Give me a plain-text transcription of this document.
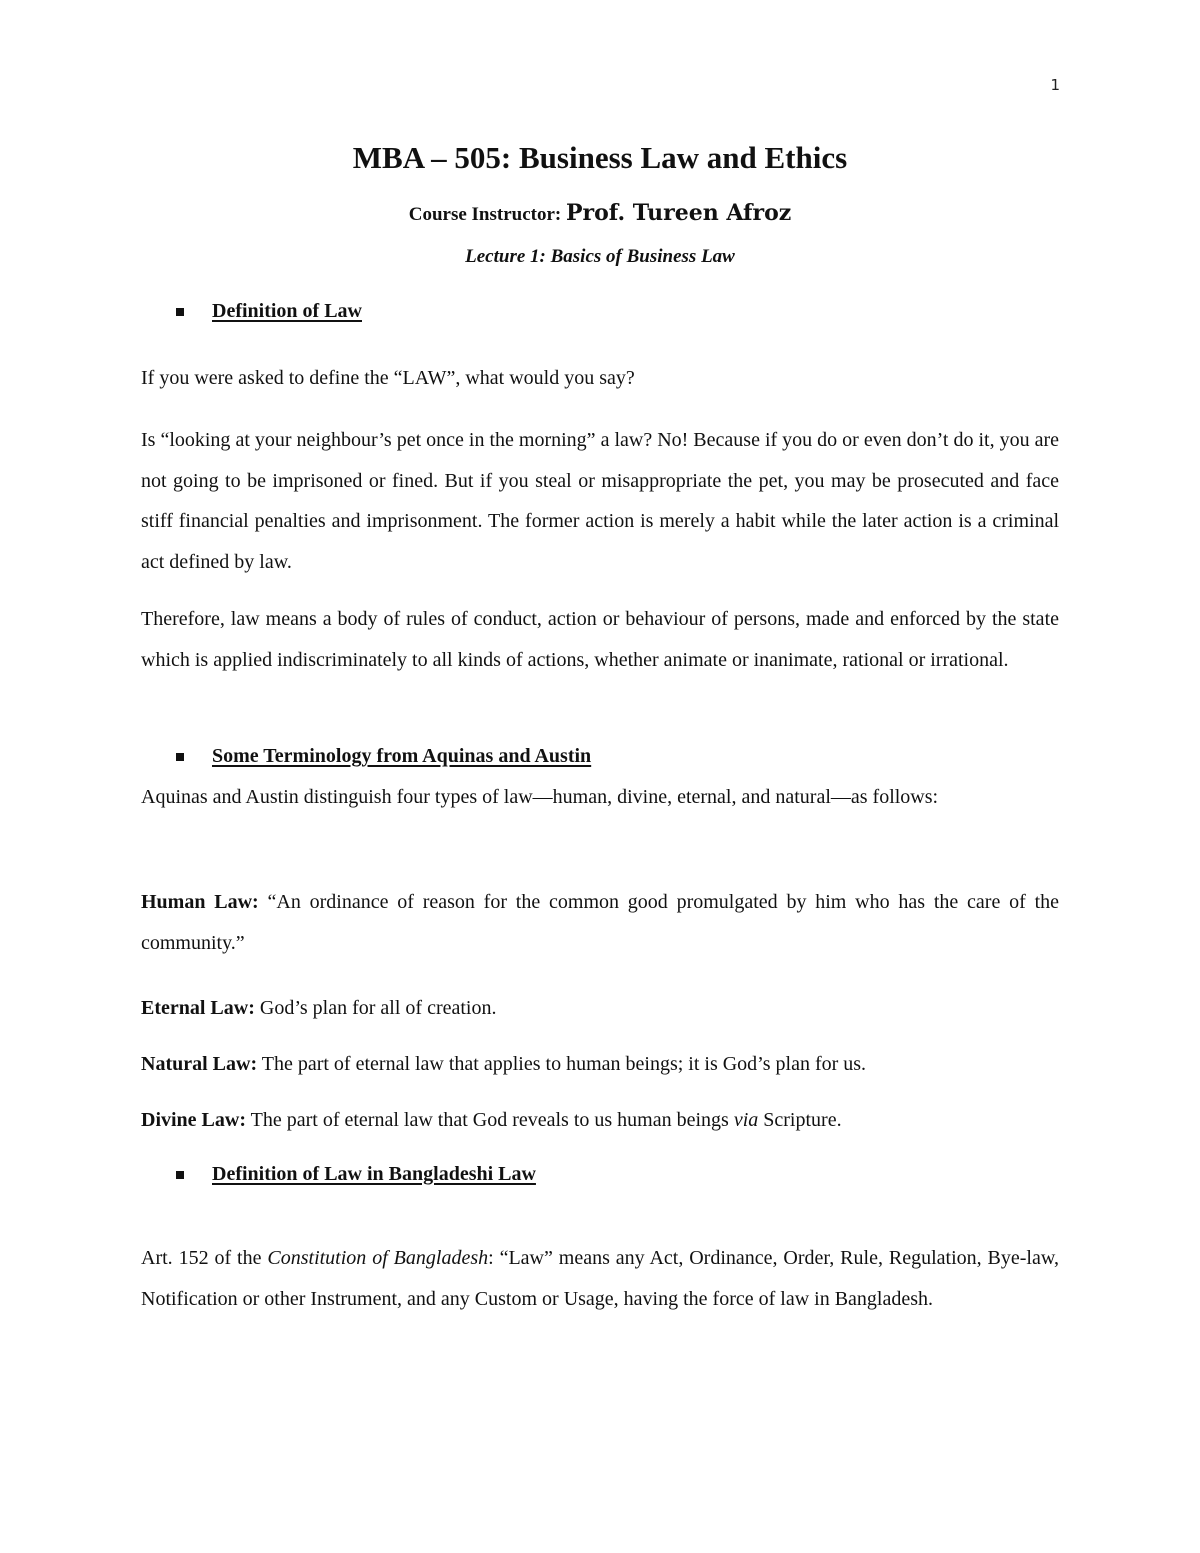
1
MBA – 505: Business Law and Ethics
Course Instructor: Prof. Tureen Afroz
Lecture 1: Basics of Business Law
Definition of Law

If you were asked to define the “LAW”, what would you say?

Is “looking at your neighbour’s pet once in the morning” a law? No! Because if you do or even don’t do it, you are not going to be imprisoned or fined. But if you steal or misappropriate the pet, you may be prosecuted and face stiff financial penalties and imprisonment. The former action is merely a habit while the later action is a criminal act defined by law.

Therefore, law means a body of rules of conduct, action or behaviour of persons, made and enforced by the state which is applied indiscriminately to all kinds of actions, whether animate or inanimate, rational or irrational.

Some Terminology from Aquinas and Austin

Aquinas and Austin distinguish four types of law—human, divine, eternal, and natural—as follows:

Human Law: “An ordinance of reason for the common good promulgated by him who has the care of the community.”

Eternal Law: God’s plan for all of creation.

Natural Law: The part of eternal law that applies to human beings; it is God’s plan for us.

Divine Law: The part of eternal law that God reveals to us human beings via Scripture.

Definition of Law in Bangladeshi Law

Art. 152 of the Constitution of Bangladesh: “Law” means any Act, Ordinance, Order, Rule, Regulation, Bye-law, Notification or other Instrument, and any Custom or Usage, having the force of law in Bangladesh.
